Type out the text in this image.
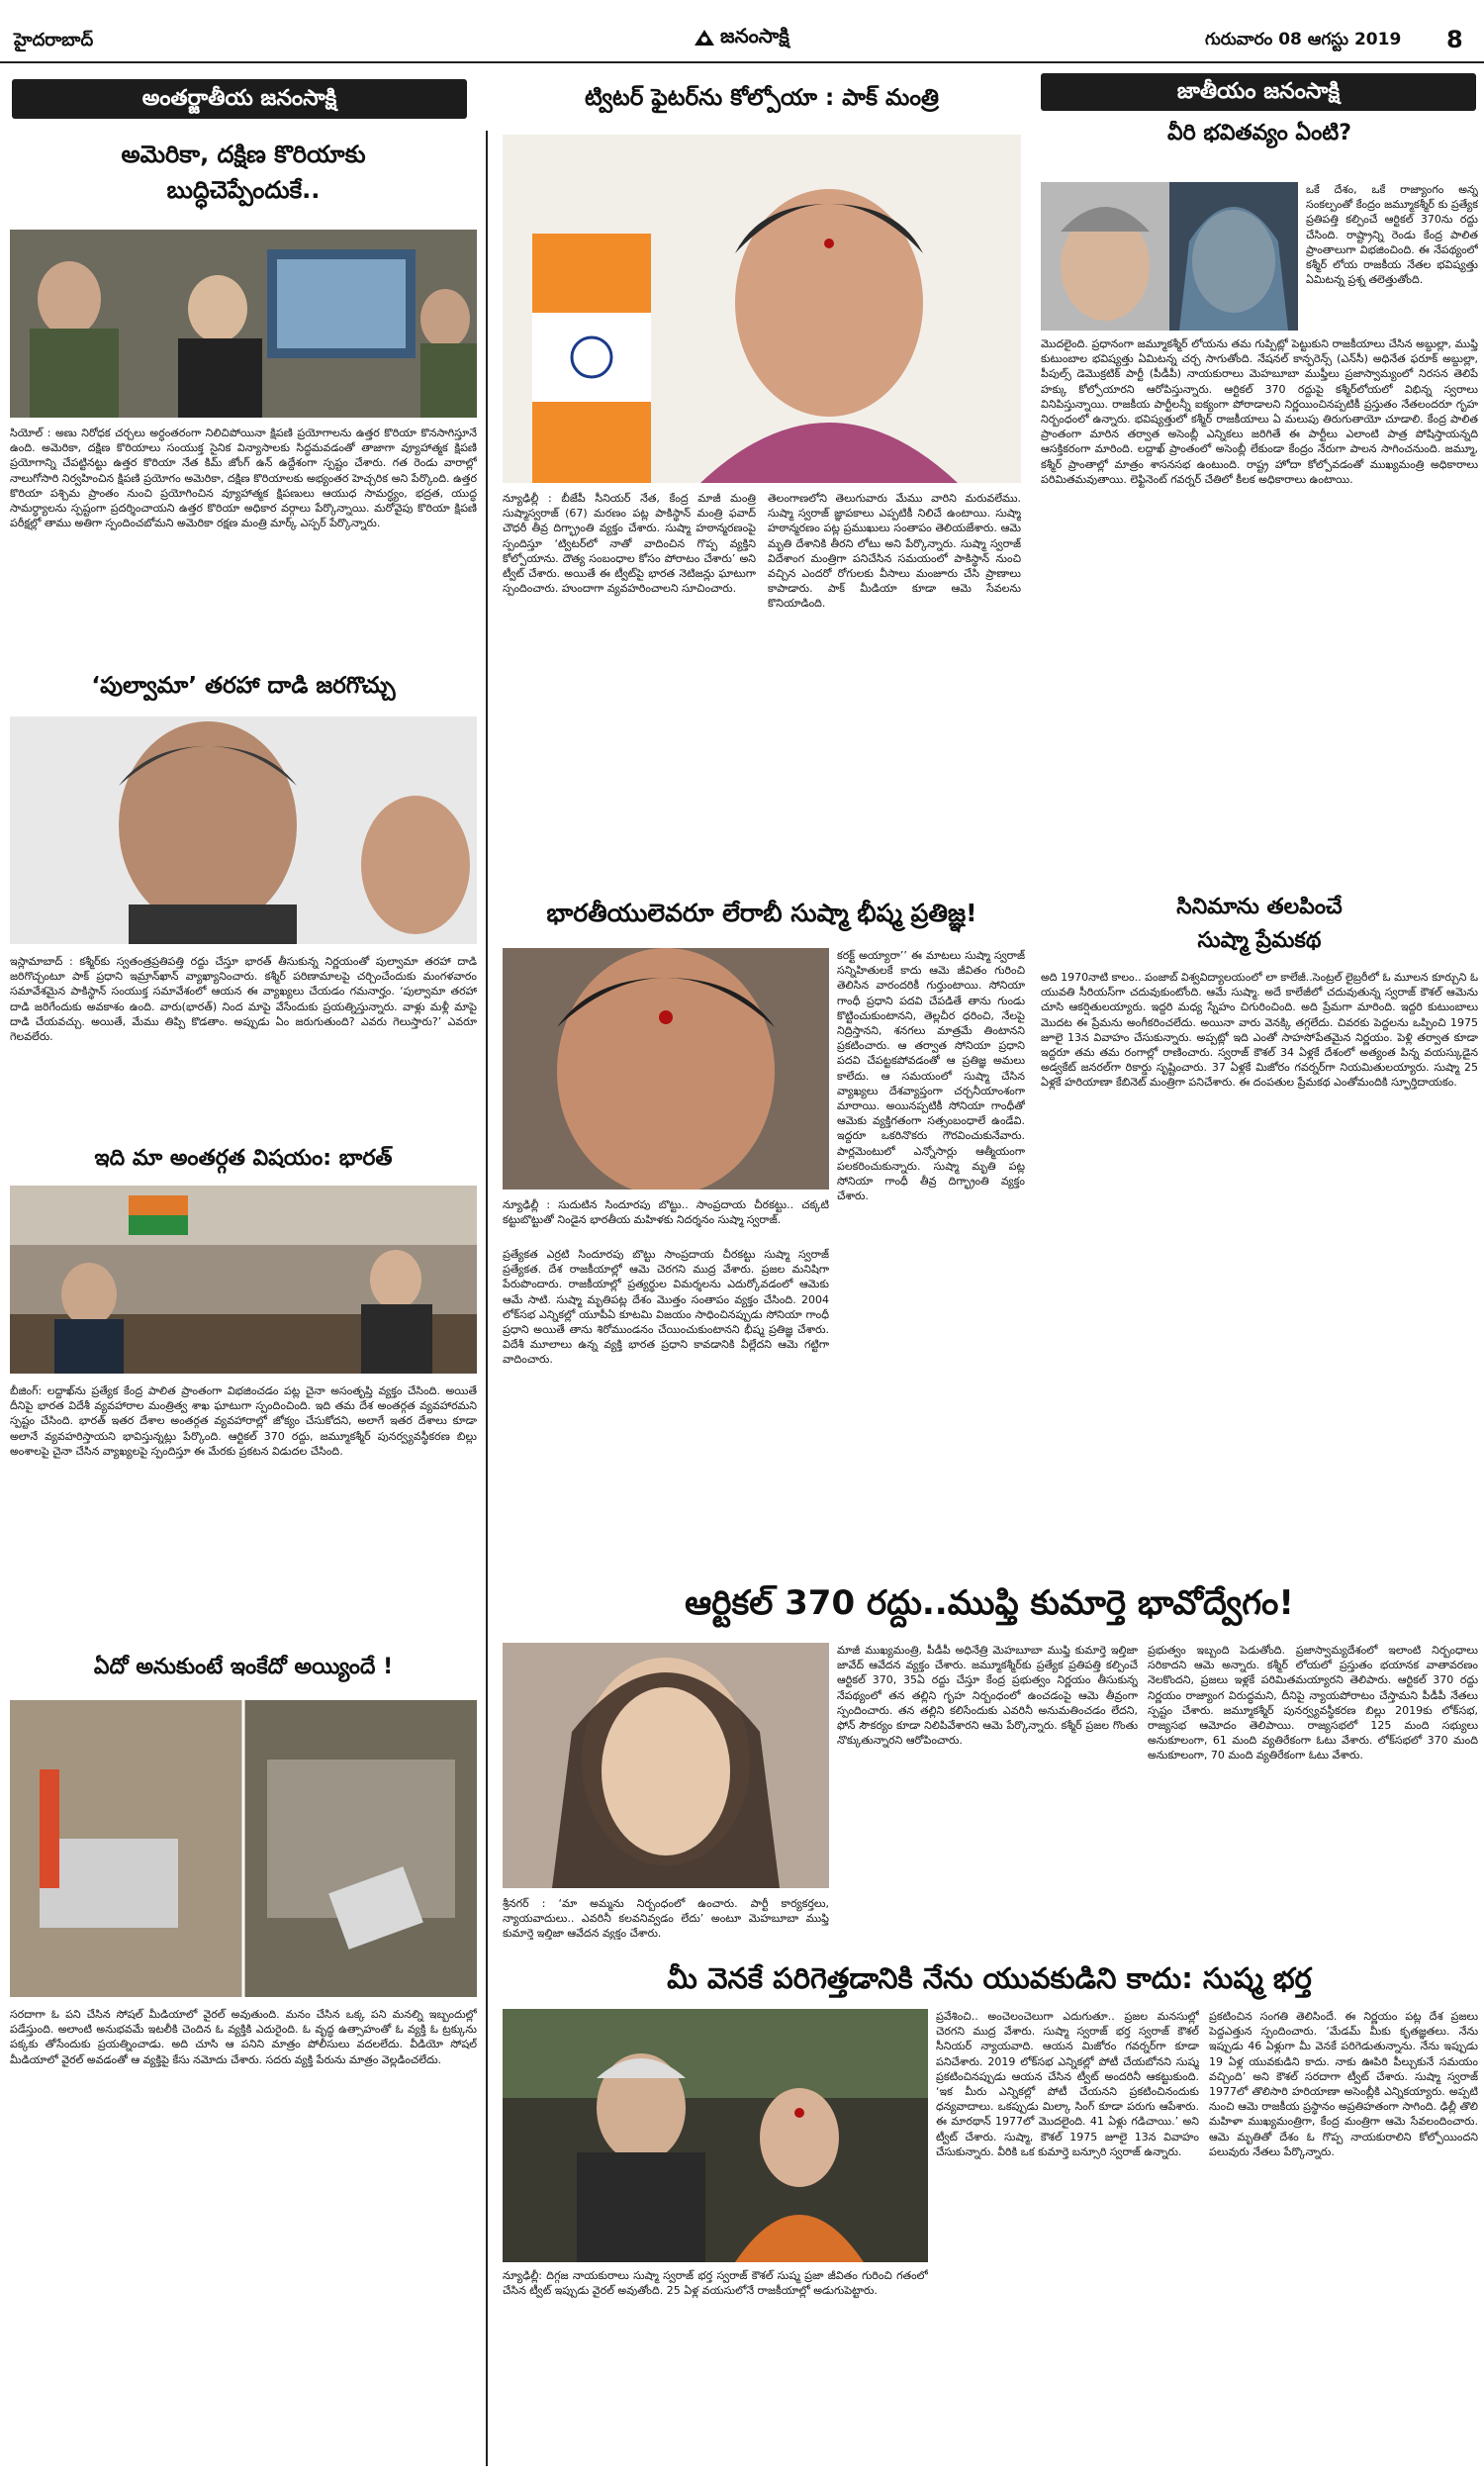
హైదరాబాద్	జనంసాక్షి	గురువారం 08 ఆగస్టు 2019 8
అంతర్జాతీయ జనంసాక్షి
అమెరికా, దక్షిణ కొరియాకు
బుద్ధిచెప్పేందుకే..
సియోల్‌ : అణు నిరోధక చర్చలు అర్ధంతరంగా నిలిచిపోయినా క్షిపణి ప్రయోగాలను ఉత్తర కొరియా కొనసాగిస్తూనే ఉంది. అమెరికా, దక్షిణ కొరియాలు సంయుక్త సైనిక విన్యాసాలకు సిద్ధమవడంతో తాజాగా వ్యూహాత్మక క్షిపణి ప్రయోగాన్ని చేపట్టినట్టు ఉత్తర కొరియా నేత కిమ్‌ జోంగ్‌ ఉన్‌ ఉద్దేశంగా స్పష్టం చేశారు. గత రెండు వారాల్లో నాలుగోసారి నిర్వహించిన క్షిపణి ప్రయోగం అమెరికా, దక్షిణ కొరియాలకు అభ్యంతర హెచ్చరిక అని పేర్కొంది. ఉత్తర కొరియా పశ్చిమ ప్రాంతం నుంచి ప్రయోగించిన వ్యూహాత్మక క్షిపణులు ఆయుధ సామర్ధ్యం, భద్రత, యుద్ధ సామర్ధ్యాలను స్పష్టంగా ప్రదర్శించాయని ఉత్తర కొరియా అధికార వర్గాలు పేర్కొన్నాయి. మరోవైపు కొరియా క్షిపణి పరీక్షల్లో తాము అతిగా స్పందించబోమని అమెరికా రక్షణ మంత్రి మార్క్‌ ఎస్పర్‌ పేర్కొన్నారు.
‘పుల్వామా’ తరహా దాడి జరగొచ్చు
ఇస్లామాబాద్‌ : కశ్మీర్‌కు స్వతంత్రప్రతిపత్తి రద్దు చేస్తూ భారత్‌ తీసుకున్న నిర్ణయంతో పుల్వామా తరహా దాడి జరిగొచ్చంటూ పాక్‌ ప్రధాని ఇమ్రాన్‌ఖాన్‌ వ్యాఖ్యానించారు. కశ్మీర్‌ పరిణామాలపై చర్చించేందుకు మంగళవారం సమావేశమైన పాకిస్థాన్‌ సంయుక్త సమావేశంలో ఆయన ఈ వ్యాఖ్యలు చేయడం గమనార్హం. ‘పుల్వామా తరహా దాడి జరిగేందుకు అవకాశం ఉంది. వారు(భారత్‌) నింద మాపై వేసేందుకు ప్రయత్నిస్తున్నారు. వాళ్లు మళ్లీ మాపై దాడి చేయవచ్చు. అయితే, మేము తిప్పి కొడతాం. అప్పుడు ఏం జరుగుతుంది? ఎవరు గెలుస్తారు?’ ఎవరూ గెలవలేరు.
ఇది మా అంతర్గత విషయం: భారత్‌
బీజింగ్‌: లద్దాఖ్‌ను ప్రత్యేక కేంద్ర పాలిత ప్రాంతంగా విభజించడం పట్ల చైనా అసంతృప్తి వ్యక్తం చేసింది. అయితే దీనిపై భారత విదేశీ వ్యవహారాల మంత్రిత్వ శాఖ ఘాటుగా స్పందించింది. ఇది తమ దేశ అంతర్గత వ్యవహారమని స్పష్టం చేసింది. భారత్‌ ఇతర దేశాల అంతర్గత వ్యవహారాల్లో జోక్యం చేసుకోదని, అలాగే ఇతర దేశాలు కూడా అలానే వ్యవహరిస్తాయని భావిస్తున్నట్లు పేర్కొంది. ఆర్టికల్‌ 370 రద్దు, జమ్మూకశ్మీర్‌ పునర్వ్యవస్థీకరణ బిల్లు అంశాలపై చైనా చేసిన వ్యాఖ్యలపై స్పందిస్తూ ఈ మేరకు ప్రకటన విడుదల చేసింది.
ఏదో అనుకుంటే ఇంకేదో అయ్యిందే !
సరదాగా ఓ పని చేసిన సోషల్‌ మీడియాలో వైరల్‌ అవుతుంది. మనం చేసిన ఒక్క పని మనల్ని ఇబ్బందుల్లో పడేస్తుంది. అలాంటి అనుభవమే ఇటలీకి చెందిన ఓ వ్యక్తికి ఎదురైంది. ఓ వృద్ధ ఉత్సాహంతో ఓ వ్యక్తి ఓ ట్రక్కును పక్కకు తోసేందుకు ప్రయత్నించాడు. అది చూసి ఆ పనిని మాత్రం పోలీసులు వదలలేదు. వీడియో సోషల్‌ మీడియాలో వైరల్‌ అవడంతో ఆ వ్యక్తిపై కేసు నమోదు చేశారు. సదరు వ్యక్తి పేరును మాత్రం వెల్లడించలేదు.
ట్విటర్‌ ఫైటర్‌ను కోల్పోయా : పాక్‌ మంత్రి
న్యూఢిల్లీ : బీజేపీ సీనియర్‌ నేత, కేంద్ర మాజీ మంత్రి సుష్మాస్వరాజ్‌ (67) మరణం పట్ల పాకిస్థాన్‌ మంత్రి ఫవాద్‌ చౌధరీ తీవ్ర దిగ్భ్రాంతి వ్యక్తం చేశారు. సుష్మా హఠాన్మరణంపై స్పందిస్తూ ‘ట్విటర్‌లో నాతో వాదించిన గొప్ప వ్యక్తిని కోల్పోయాను. దౌత్య సంబంధాల కోసం పోరాటం చేశారు’ అని ట్వీట్‌ చేశారు. అయితే ఈ ట్వీట్‌పై భారత నెటిజన్లు ఘాటుగా స్పందించారు. హుందాగా వ్యవహరించాలని సూచించారు.
తెలంగాణలోని తెలుగువారు మేము వారిని మరువలేము. సుష్మా స్వరాజ్‌ జ్ఞాపకాలు ఎప్పటికీ నిలిచే ఉంటాయి. సుష్మా హఠాన్మరణం పట్ల ప్రముఖులు సంతాపం తెలియజేశారు. ఆమె మృతి దేశానికి తీరని లోటు అని పేర్కొన్నారు. సుష్మా స్వరాజ్‌ విదేశాంగ మంత్రిగా పనిచేసిన సమయంలో పాకిస్థాన్‌ నుంచి వచ్చిన ఎందరో రోగులకు వీసాలు మంజూరు చేసి ప్రాణాలు కాపాడారు. పాక్‌ మీడియా కూడా ఆమె సేవలను కొనియాడింది.
భారతీయులెవరూ లేరాబీ సుష్మా భీష్మ ప్రతిజ్ఞ!
న్యూఢిల్లీ : సుదుటిన సిందూరపు బొట్టు.. సాంప్రదాయ చీరకట్టు.. చక్కటి కట్టుబొట్టుతో నిండైన భారతీయ మహిళకు నిదర్శనం సుష్మా స్వరాజ్‌.
ప్రత్యేకత ఎర్రటి సిందూరపు బొట్టు సాంప్రదాయ చీరకట్టు సుష్మా స్వరాజ్‌ ప్రత్యేకత. దేశ రాజకీయాల్లో ఆమె చెరగని ముద్ర వేశారు. ప్రజల మనిషిగా పేరుపొందారు. రాజకీయాల్లో ప్రత్యర్థుల విమర్శలను ఎదుర్కోవడంలో ఆమెకు ఆమే సాటి. సుష్మా మృతిపట్ల దేశం మొత్తం సంతాపం వ్యక్తం చేసింది. 2004 లోక్‌సభ ఎన్నికల్లో యూపీఏ కూటమి విజయం సాధించినప్పుడు సోనియా గాంధీ ప్రధాని అయితే తాను శిరోముండనం చేయించుకుంటానని భీష్మ ప్రతిజ్ఞ చేశారు. విదేశీ మూలాలు ఉన్న వ్యక్తి భారత ప్రధాని కావడానికి వీల్లేదని ఆమె గట్టిగా వాదించారు.
కరక్ట్‌ అయ్యారా’’ ఈ మాటలు సుష్మా స్వరాజ్‌ సన్నిహితులకే కాదు ఆమె జీవితం గురించి తెలిసిన వారందరికీ గుర్తుంటాయి. సోనియా గాంధీ ప్రధాని పదవి చేపడితే తాను గుండు కొట్టించుకుంటానని, తెల్లచీర ధరించి, నేలపై నిద్రిస్తానని, శనగలు మాత్రమే తింటానని ప్రకటించారు. ఆ తర్వాత సోనియా ప్రధాని పదవి చేపట్టకపోవడంతో ఆ ప్రతిజ్ఞ అమలు కాలేదు. ఆ సమయంలో సుష్మా చేసిన వ్యాఖ్యలు దేశవ్యాప్తంగా చర్చనీయాంశంగా మారాయి. అయినప్పటికీ సోనియా గాంధీతో ఆమెకు వ్యక్తిగతంగా సత్సంబంధాలే ఉండేవి. ఇద్దరూ ఒకరినొకరు గౌరవించుకునేవారు. పార్లమెంటులో ఎన్నోసార్లు ఆత్మీయంగా పలకరించుకున్నారు. సుష్మా మృతి పట్ల సోనియా గాంధీ తీవ్ర దిగ్భ్రాంతి వ్యక్తం చేశారు.
జాతీయం జనంసాక్షి
వీరి భవితవ్యం ఏంటి?
ఒకే దేశం, ఒకే రాజ్యాంగం అన్న సంకల్పంతో కేంద్రం జమ్మూకశ్మీర్‌ కు ప్రత్యేక ప్రతిపత్తి కల్పించే ఆర్టికల్‌ 370ను రద్దు చేసింది. రాష్ట్రాన్ని రెండు కేంద్ర పాలిత ప్రాంతాలుగా విభజించింది. ఈ నేపథ్యంలో కశ్మీర్‌ లోయ రాజకీయ నేతల భవిష్యత్తు ఏమిటన్న ప్రశ్న తలెత్తుతోంది.
మొదలైంది. ప్రధానంగా జమ్మూకశ్మీర్‌ లోయను తమ గుప్పిట్లో పెట్టుకుని రాజకీయాలు చేసిన అబ్దుల్లా, ముఫ్తి కుటుంబాల భవిష్యత్తు ఏమిటన్న చర్చ సాగుతోంది. నేషనల్‌ కాన్ఫరెన్స్‌ (ఎన్‌సీ) అధినేత ఫరూక్‌ అబ్దుల్లా, పీపుల్స్‌ డెమొక్రటిక్‌ పార్టీ (పీడీపీ) నాయకురాలు మెహబూబా ముఫ్తీలు ప్రజాస్వామ్యంలో నిరసన తెలిపే హక్కు కోల్పోయారని ఆరోపిస్తున్నారు. ఆర్టికల్‌ 370 రద్దుపై కశ్మీర్‌లోయలో విభిన్న స్వరాలు వినిపిస్తున్నాయి. రాజకీయ పార్టీలన్నీ ఐక్యంగా పోరాడాలని నిర్ణయించినప్పటికీ ప్రస్తుతం నేతలందరూ గృహ నిర్బంధంలో ఉన్నారు. భవిష్యత్తులో కశ్మీర్‌ రాజకీయాలు ఏ మలుపు తిరుగుతాయో చూడాలి. కేంద్ర పాలిత ప్రాంతంగా మారిన తర్వాత అసెంబ్లీ ఎన్నికలు జరిగితే ఈ పార్టీలు ఎలాంటి పాత్ర పోషిస్తాయన్నది ఆసక్తికరంగా మారింది. లద్దాఖ్‌ ప్రాంతంలో అసెంబ్లీ లేకుండా కేంద్రం నేరుగా పాలన సాగించనుంది. జమ్మూ, కశ్మీర్‌ ప్రాంతాల్లో మాత్రం శాసనసభ ఉంటుంది. రాష్ట్ర హోదా కోల్పోవడంతో ముఖ్యమంత్రి అధికారాలు పరిమితమవుతాయి. లెఫ్టినెంట్‌ గవర్నర్‌ చేతిలో కీలక అధికారాలు ఉంటాయి.
సినిమాను తలపించే
సుష్మా ప్రేమకథ
అది 1970నాటి కాలం.. పంజాబ్‌ విశ్వవిద్యాలయంలో లా కాలేజీ..సెంట్రల్‌ లైబ్రరీలో ఓ మూలన కూర్చుని ఓ యువతి సీరియస్‌గా చదువుకుంటోంది. ఆమే సుష్మా. అదే కాలేజీలో చదువుతున్న స్వరాజ్‌ కౌశల్‌ ఆమెను చూసి ఆకర్షితులయ్యారు. ఇద్దరి మధ్య స్నేహం చిగురించింది. అది ప్రేమగా మారింది. ఇద్దరి కుటుంబాలు మొదట ఈ ప్రేమను అంగీకరించలేదు. అయినా వారు వెనక్కి తగ్గలేదు. చివరకు పెద్దలను ఒప్పించి 1975 జూలై 13న వివాహం చేసుకున్నారు. అప్పట్లో ఇది ఎంతో సాహసోపేతమైన నిర్ణయం. పెళ్లి తర్వాత కూడా ఇద్దరూ తమ తమ రంగాల్లో రాణించారు. స్వరాజ్‌ కౌశల్‌ 34 ఏళ్లకే దేశంలో అత్యంత పిన్న వయస్కుడైన అడ్వకేట్‌ జనరల్‌గా రికార్డు సృష్టించారు. 37 ఏళ్లకే మిజోరం గవర్నర్‌గా నియమితులయ్యారు. సుష్మా 25 ఏళ్లకే హరియాణా కేబినెట్‌ మంత్రిగా పనిచేశారు. ఈ దంపతుల ప్రేమకథ ఎంతోమందికి స్ఫూర్తిదాయకం.
ఆర్టికల్‌ 370 రద్దు..ముఫ్తి కుమార్తె భావోద్వేగం!
శ్రీనగర్‌ : ‘మా అమ్మను నిర్బంధంలో ఉంచారు. పార్టీ కార్యకర్తలు, న్యాయవాదులు.. ఎవరినీ కలవనివ్వడం లేదు’ అంటూ మెహబూబా ముఫ్తి కుమార్తె ఇల్తిజా ఆవేదన వ్యక్తం చేశారు.
మాజీ ముఖ్యమంత్రి, పీడీపీ అధినేత్రి మెహబూబా ముఫ్తి కుమార్తె ఇల్తిజా జావేద్‌ ఆవేదన వ్యక్తం చేశారు. జమ్మూకశ్మీర్‌కు ప్రత్యేక ప్రతిపత్తి కల్పించే ఆర్టికల్‌ 370, 35ఏ రద్దు చేస్తూ కేంద్ర ప్రభుత్వం నిర్ణయం తీసుకున్న నేపథ్యంలో తన తల్లిని గృహ నిర్బంధంలో ఉంచడంపై ఆమె తీవ్రంగా స్పందించారు. తన తల్లిని కలిసేందుకు ఎవరినీ అనుమతించడం లేదని, ఫోన్‌ సౌకర్యం కూడా నిలిపివేశారని ఆమె పేర్కొన్నారు. కశ్మీర్‌ ప్రజల గొంతు నొక్కుతున్నారని ఆరోపించారు.
ప్రభుత్వం ఇబ్బంది పెడుతోంది. ప్రజాస్వామ్యదేశంలో ఇలాంటి నిర్బంధాలు సరికాదని ఆమె అన్నారు. కశ్మీర్‌ లోయలో ప్రస్తుతం భయానక వాతావరణం నెలకొందని, ప్రజలు ఇళ్లకే పరిమితమయ్యారని తెలిపారు. ఆర్టికల్‌ 370 రద్దు నిర్ణయం రాజ్యాంగ విరుద్ధమని, దీనిపై న్యాయపోరాటం చేస్తామని పీడీపీ నేతలు స్పష్టం చేశారు. జమ్మూకశ్మీర్‌ పునర్వ్యవస్థీకరణ బిల్లు 2019కు లోక్‌సభ, రాజ్యసభ ఆమోదం తెలిపాయి. రాజ్యసభలో 125 మంది సభ్యులు అనుకూలంగా, 61 మంది వ్యతిరేకంగా ఓటు వేశారు. లోక్‌సభలో 370 మంది అనుకూలంగా, 70 మంది వ్యతిరేకంగా ఓటు వేశారు.
మీ వెనకే పరిగెత్తడానికి నేను యువకుడిని కాదు: సుష్మ భర్త
న్యూఢిల్లీ: దిగ్గజ నాయకురాలు సుష్మా స్వరాజ్‌ భర్త స్వరాజ్‌ కౌశల్‌ సుష్మ ప్రజా జీవితం గురించి గతంలో చేసిన ట్వీట్‌ ఇప్పుడు వైరల్‌ అవుతోంది. 25 ఏళ్ల వయసులోనే రాజకీయాల్లో అడుగుపెట్టారు.
ప్రవేశించి.. అంచెలంచెలుగా ఎదుగుతూ.. ప్రజల మనసుల్లో చెరగని ముద్ర వేశారు. సుష్మా స్వరాజ్‌ భర్త స్వరాజ్‌ కౌశల్‌ సీనియర్‌ న్యాయవాది. ఆయన మిజోరం గవర్నర్‌గా కూడా పనిచేశారు. 2019 లోక్‌సభ ఎన్నికల్లో పోటీ చేయబోనని సుష్మ ప్రకటించినప్పుడు ఆయన చేసిన ట్వీట్‌ అందరినీ ఆకట్టుకుంది. ‘ఇక మీరు ఎన్నికల్లో పోటీ చేయనని ప్రకటించినందుకు ధన్యవాదాలు. ఒకప్పుడు మిల్కా సింగ్‌ కూడా పరుగు ఆపేశారు. ఈ మారథాన్‌ 1977లో మొదలైంది. 41 ఏళ్లు గడిచాయి.’ అని ట్వీట్‌ చేశారు. సుష్మా, కౌశల్‌ 1975 జూలై 13న వివాహం చేసుకున్నారు. వీరికి ఒక కుమార్తె బన్సూరి స్వరాజ్‌ ఉన్నారు.
ప్రకటించిన సంగతి తెలిసిందే. ఈ నిర్ణయం పట్ల దేశ ప్రజలు పెద్దఎత్తున స్పందించారు. ‘మేడమ్‌ మీకు కృతజ్ఞతలు. నేను ఇప్పుడు 46 ఏళ్లుగా మీ వెనకే పరిగెడుతున్నాను. నేను ఇప్పుడు 19 ఏళ్ల యువకుడిని కాదు. నాకు ఊపిరి పీల్చుకునే సమయం వచ్చింది’ అని కౌశల్‌ సరదాగా ట్వీట్‌ చేశారు. సుష్మా స్వరాజ్‌ 1977లో తొలిసారి హరియాణా అసెంబ్లీకి ఎన్నికయ్యారు. అప్పటి నుంచి ఆమె రాజకీయ ప్రస్థానం అప్రతిహతంగా సాగింది. ఢిల్లీ తొలి మహిళా ముఖ్యమంత్రిగా, కేంద్ర మంత్రిగా ఆమె సేవలందించారు. ఆమె మృతితో దేశం ఓ గొప్ప నాయకురాలిని కోల్పోయిందని పలువురు నేతలు పేర్కొన్నారు.
